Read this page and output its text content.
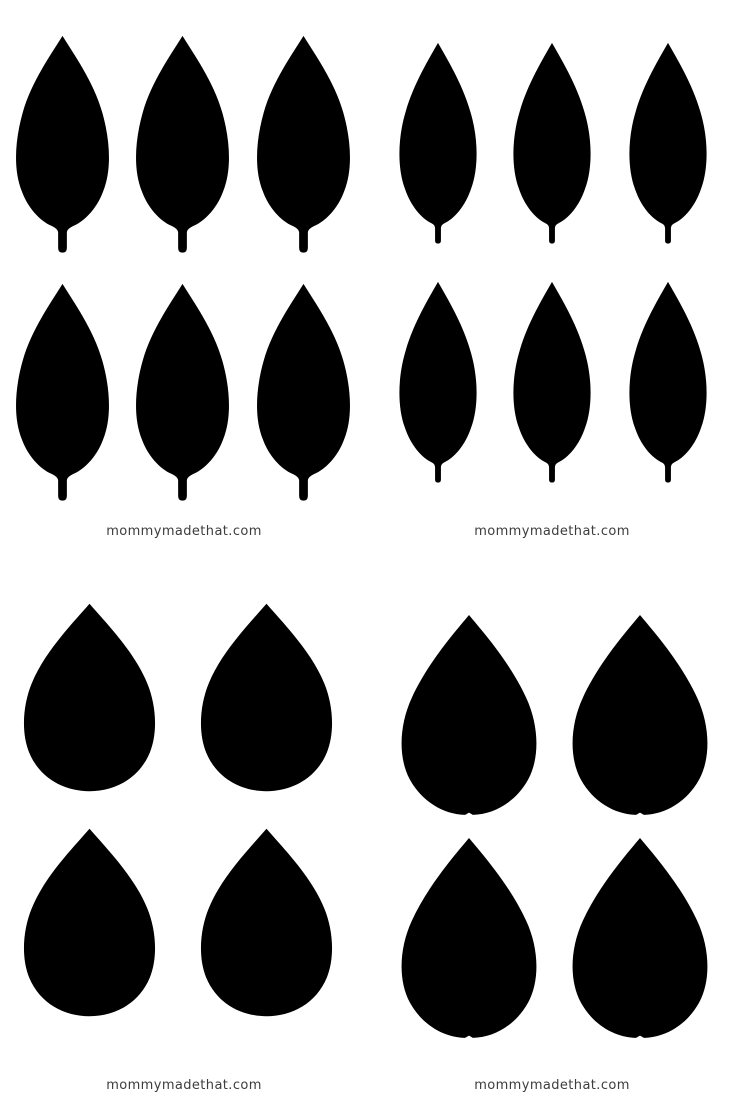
mommymadethat.com	mommymadethat.com
mommymadethat.com	mommymadethat.com
